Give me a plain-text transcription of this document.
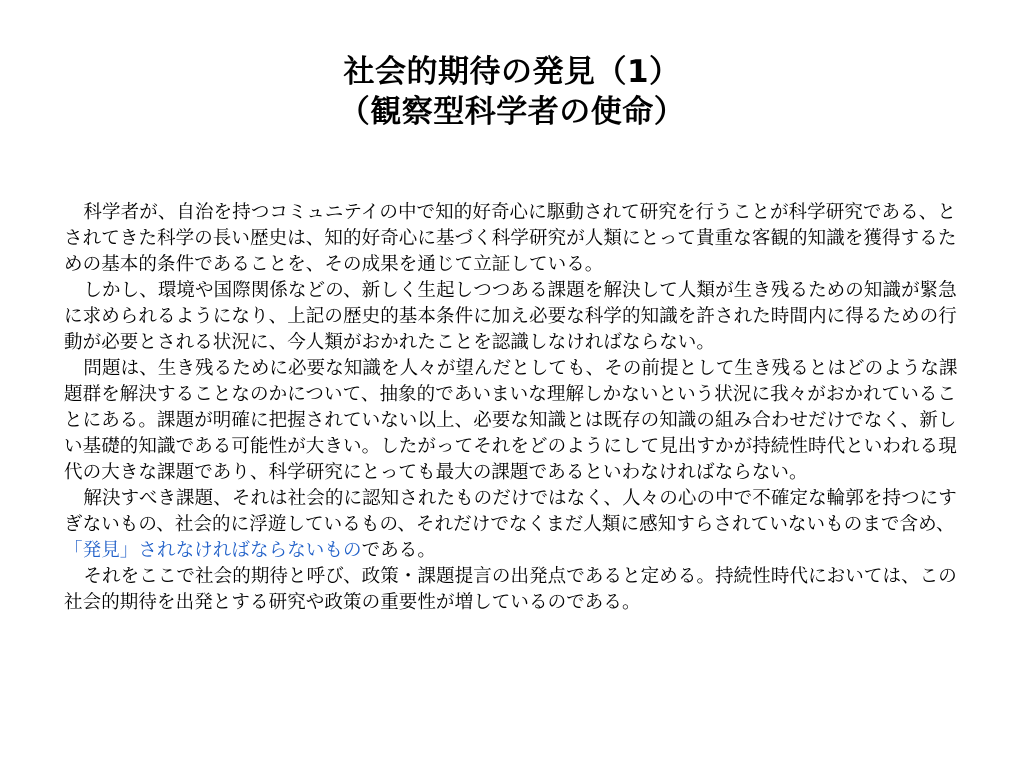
社会的期待の発見（1）
（観察型科学者の使命）

科学者が、自治を持つコミュニテイの中で知的好奇心に駆動されて研究を行うことが科学研究である、とされてきた科学の長い歴史は、知的好奇心に基づく科学研究が人類にとって貴重な客観的知識を獲得するための基本的条件であることを、その成果を通じて立証している。

しかし、環境や国際関係などの、新しく生起しつつある課題を解決して人類が生き残るための知識が緊急に求められるようになり、上記の歴史的基本条件に加え必要な科学的知識を許された時間内に得るための行動が必要とされる状況に、今人類がおかれたことを認識しなければならない。

問題は、生き残るために必要な知識を人々が望んだとしても、その前提として生き残るとはどのような課題群を解決することなのかについて、抽象的であいまいな理解しかないという状況に我々がおかれていることにある。課題が明確に把握されていない以上、必要な知識とは既存の知識の組み合わせだけでなく、新しい基礎的知識である可能性が大きい。したがってそれをどのようにして見出すかが持続性時代といわれる現代の大きな課題であり、科学研究にとっても最大の課題であるといわなければならない。

解決すべき課題、それは社会的に認知されたものだけではなく、人々の心の中で不確定な輪郭を持つにすぎないもの、社会的に浮遊しているもの、それだけでなくまだ人類に感知すらされていないものまで含め、「発見」されなければならないものである。

それをここで社会的期待と呼び、政策・課題提言の出発点であると定める。持続性時代においては、この社会的期待を出発とする研究や政策の重要性が増しているのである。
